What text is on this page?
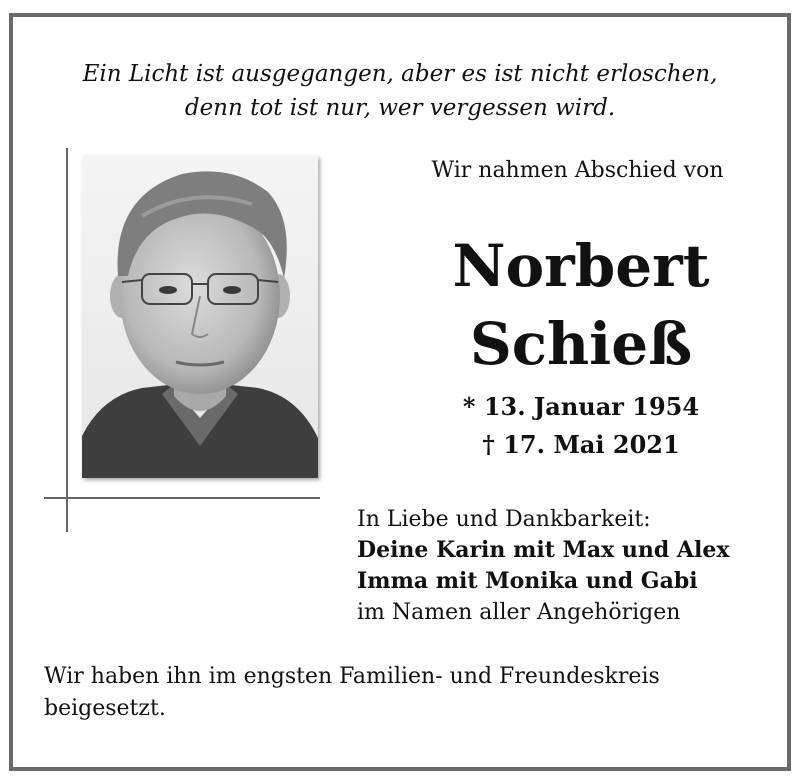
Ein Licht ist ausgegangen, aber es ist nicht erloschen,
denn tot ist nur, wer vergessen wird.
Wir nahmen Abschied von
Norbert
Schieß
* 13. Januar 1954
† 17. Mai 2021
In Liebe und Dankbarkeit:
Deine Karin mit Max und Alex
Imma mit Monika und Gabi
im Namen aller Angehörigen
Wir haben ihn im engsten Familien- und Freundeskreis beigesetzt.
